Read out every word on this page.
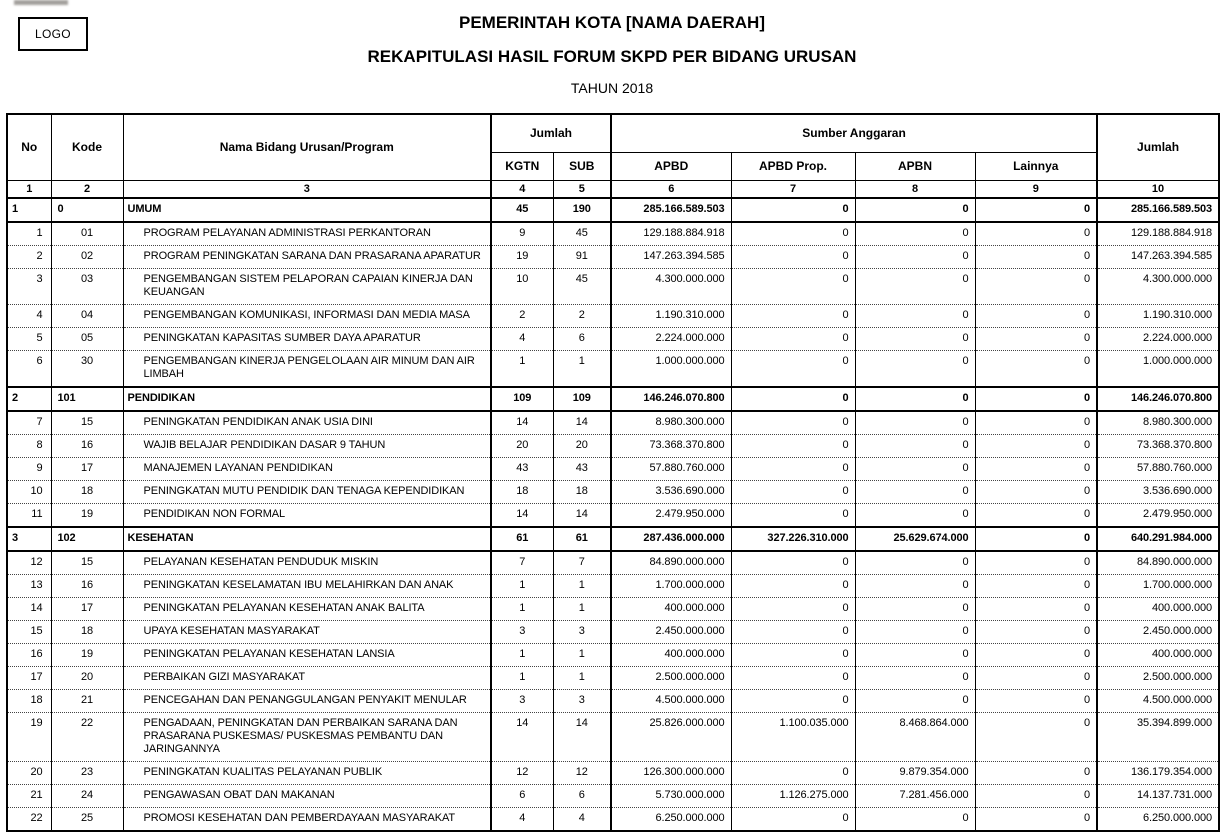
LOGO
PEMERINTAH KOTA [NAMA DAERAH]
REKAPITULASI HASIL FORUM SKPD PER BIDANG URUSAN
TAHUN 2018
No	Kode	Nama Bidang Urusan/Program	Jumlah		Sumber Anggaran				Jumlah
			KGTN	SUB	APBD	APBD Prop.	APBN	Lainnya	
1	2	3	4	5	6	7	8	9	10
1	0	UMUM	45	190	285.166.589.503	0	0	0	285.166.589.503
1	01	PROGRAM PELAYANAN ADMINISTRASI PERKANTORAN	9	45	129.188.884.918	0	0	0	129.188.884.918
2	02	PROGRAM PENINGKATAN SARANA DAN PRASARANA APARATUR	19	91	147.263.394.585	0	0	0	147.263.394.585
3	03	PENGEMBANGAN SISTEM PELAPORAN CAPAIAN KINERJA DAN KEUANGAN	10	45	4.300.000.000	0	0	0	4.300.000.000
4	04	PENGEMBANGAN KOMUNIKASI, INFORMASI DAN MEDIA MASA	2	2	1.190.310.000	0	0	0	1.190.310.000
5	05	PENINGKATAN KAPASITAS SUMBER DAYA APARATUR	4	6	2.224.000.000	0	0	0	2.224.000.000
6	30	PENGEMBANGAN KINERJA PENGELOLAAN AIR MINUM DAN AIR LIMBAH	1	1	1.000.000.000	0	0	0	1.000.000.000
2	101	PENDIDIKAN	109	109	146.246.070.800	0	0	0	146.246.070.800
7	15	PENINGKATAN PENDIDIKAN ANAK USIA DINI	14	14	8.980.300.000	0	0	0	8.980.300.000
8	16	WAJIB BELAJAR PENDIDIKAN DASAR 9 TAHUN	20	20	73.368.370.800	0	0	0	73.368.370.800
9	17	MANAJEMEN LAYANAN PENDIDIKAN	43	43	57.880.760.000	0	0	0	57.880.760.000
10	18	PENINGKATAN MUTU PENDIDIK DAN TENAGA KEPENDIDIKAN	18	18	3.536.690.000	0	0	0	3.536.690.000
11	19	PENDIDIKAN NON FORMAL	14	14	2.479.950.000	0	0	0	2.479.950.000
3	102	KESEHATAN	61	61	287.436.000.000	327.226.310.000	25.629.674.000	0	640.291.984.000
12	15	PELAYANAN KESEHATAN PENDUDUK MISKIN	7	7	84.890.000.000	0	0	0	84.890.000.000
13	16	PENINGKATAN KESELAMATAN IBU MELAHIRKAN DAN ANAK	1	1	1.700.000.000	0	0	0	1.700.000.000
14	17	PENINGKATAN PELAYANAN KESEHATAN ANAK BALITA	1	1	400.000.000	0	0	0	400.000.000
15	18	UPAYA KESEHATAN MASYARAKAT	3	3	2.450.000.000	0	0	0	2.450.000.000
16	19	PENINGKATAN PELAYANAN KESEHATAN LANSIA	1	1	400.000.000	0	0	0	400.000.000
17	20	PERBAIKAN GIZI MASYARAKAT	1	1	2.500.000.000	0	0	0	2.500.000.000
18	21	PENCEGAHAN DAN PENANGGULANGAN PENYAKIT MENULAR	3	3	4.500.000.000	0	0	0	4.500.000.000
19	22	PENGADAAN, PENINGKATAN DAN PERBAIKAN SARANA DAN PRASARANA PUSKESMAS/ PUSKESMAS PEMBANTU DAN JARINGANNYA	14	14	25.826.000.000	1.100.035.000	8.468.864.000	0	35.394.899.000
20	23	PENINGKATAN KUALITAS PELAYANAN PUBLIK	12	12	126.300.000.000	0	9.879.354.000	0	136.179.354.000
21	24	PENGAWASAN OBAT DAN MAKANAN	6	6	5.730.000.000	1.126.275.000	7.281.456.000	0	14.137.731.000
22	25	PROMOSI KESEHATAN DAN PEMBERDAYAAN MASYARAKAT	4	4	6.250.000.000	0	0	0	6.250.000.000
